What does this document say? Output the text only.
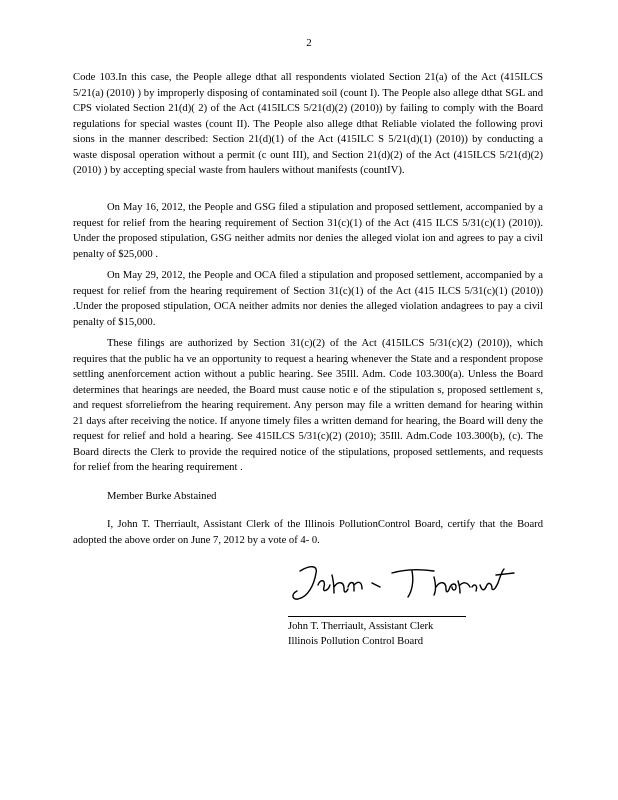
2

Code 103.In this case, the People allege dthat all respondents violated Section 21(a) of the Act (415ILCS 5/21(a) (2010) ) by improperly disposing of contaminated soil (count I). The People also allege dthat SGL and CPS violated Section 21(d)( 2) of the Act (415ILCS 5/21(d)(2) (2010)) by failing to comply with the Board regulations for special wastes (count II). The People also allege dthat Reliable violated the following provi sions in the manner described: Section 21(d)(1) of the Act (415ILC S 5/21(d)(1) (2010)) by conducting a waste disposal operation without a permit (c ount III), and Section 21(d)(2) of the Act (415ILCS 5/21(d)(2) (2010) ) by accepting special waste from haulers without manifests (countIV).

On May 16, 2012, the People and GSG filed a stipulation and proposed settlement, accompanied by a request for relief from the hearing requirement of Section 31(c)(1) of the Act (415 ILCS 5/31(c)(1) (2010)). Under the proposed stipulation, GSG neither admits nor denies the alleged violat ion and agrees to pay a civil penalty of $25,000 .

On May 29, 2012, the People and OCA filed a stipulation and proposed settlement, accompanied by a request for relief from the hearing requirement of Section 31(c)(1) of the Act (415 ILCS 5/31(c)(1) (2010)) .Under the proposed stipulation, OCA neither admits nor denies the alleged violation andagrees to pay a civil penalty of $15,000.

These filings are authorized by Section 31(c)(2) of the Act (415ILCS 5/31(c)(2) (2010)), which requires that the public ha ve an opportunity to request a hearing whenever the State and a respondent propose settling anenforcement action without a public hearing. See 35Ill. Adm. Code 103.300(a). Unless the Board determines that hearings are needed, the Board must cause notic e of the stipulation s, proposed settlement s, and request sforreliefrom the hearing requirement. Any person may file a written demand for hearing within 21 days after receiving the notice. If anyone timely files a written demand for hearing, the Board will deny the request for relief and hold a hearing. See 415ILCS 5/31(c)(2) (2010); 35Ill. Adm.Code 103.300(b), (c). The Board directs the Clerk to provide the required notice of the stipulations, proposed settlements, and requests for relief from the hearing requirement .

Member Burke Abstained

I, John T. Therriault, Assistant Clerk of the Illinois PollutionControl Board, certify that the Board adopted the above order on June 7, 2012 by a vote of 4- 0.

John T. Therriault, Assistant Clerk
Illinois Pollution Control Board
